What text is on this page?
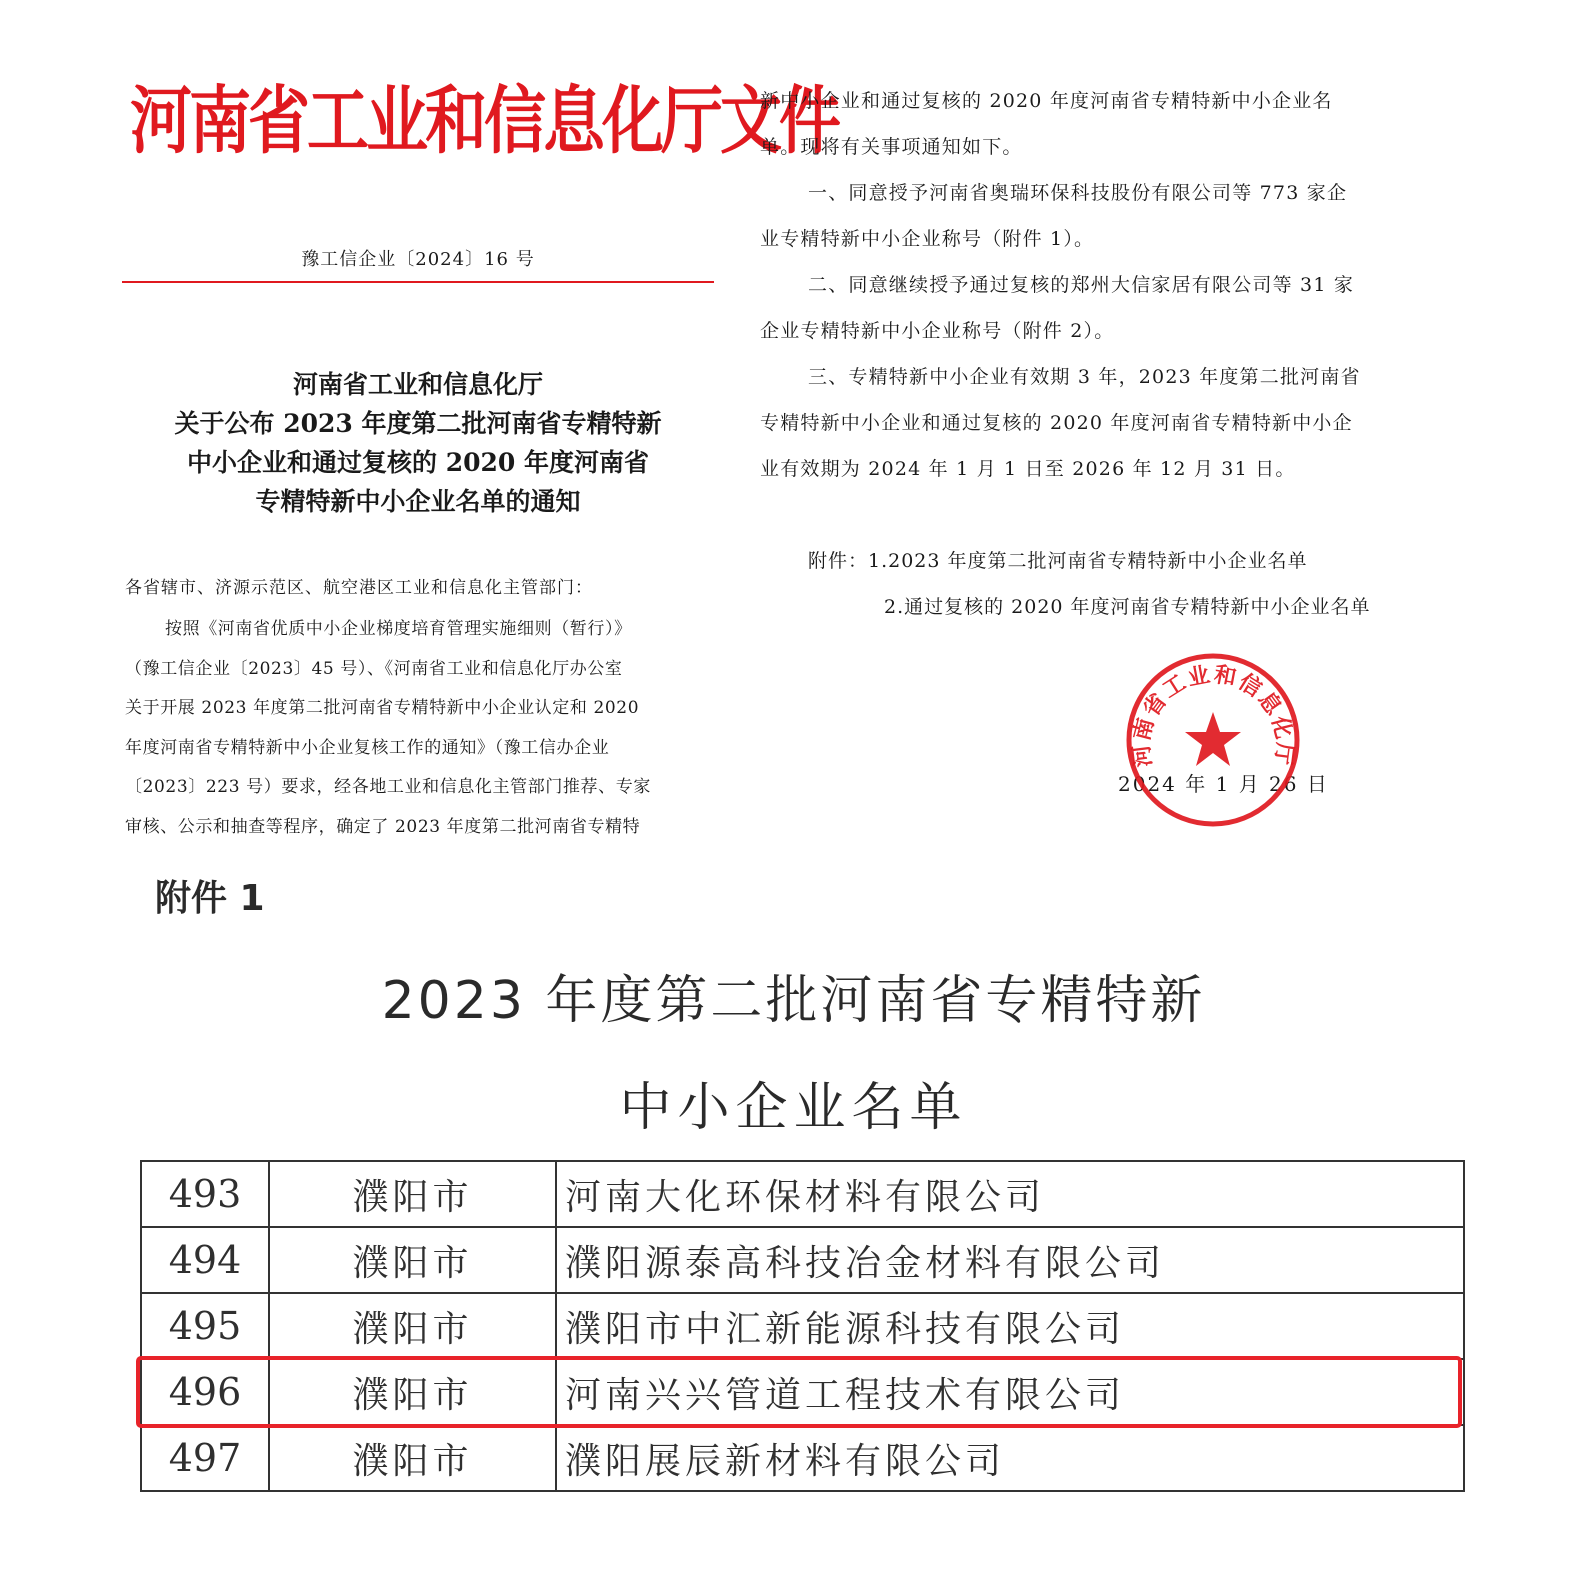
河南省工业和信息化厅文件
豫工信企业〔2024〕16 号
河南省工业和信息化厅
关于公布 2023 年度第二批河南省专精特新
中小企业和通过复核的 2020 年度河南省
专精特新中小企业名单的通知
各省辖市、济源示范区、航空港区工业和信息化主管部门：
按照《河南省优质中小企业梯度培育管理实施细则（暂行）》
（豫工信企业〔2023〕45 号）、《河南省工业和信息化厅办公室
关于开展 2023 年度第二批河南省专精特新中小企业认定和 2020
年度河南省专精特新中小企业复核工作的通知》（豫工信办企业
〔2023〕223 号）要求，经各地工业和信息化主管部门推荐、专家
审核、公示和抽查等程序，确定了 2023 年度第二批河南省专精特
新中小企业和通过复核的 2020 年度河南省专精特新中小企业名
单。现将有关事项通知如下。
一、同意授予河南省奥瑞环保科技股份有限公司等 773 家企
业专精特新中小企业称号（附件 1）。
二、同意继续授予通过复核的郑州大信家居有限公司等 31 家
企业专精特新中小企业称号（附件 2）。
三、专精特新中小企业有效期 3 年，2023 年度第二批河南省
专精特新中小企业和通过复核的 2020 年度河南省专精特新中小企
业有效期为 2024 年 1 月 1 日至 2026 年 12 月 31 日。
附件：1.2023 年度第二批河南省专精特新中小企业名单
2.通过复核的 2020 年度河南省专精特新中小企业名单
2024 年 1 月 26 日
河南省工业和信息化厅
附件 1
2023 年度第二批河南省专精特新
中小企业名单
493	濮阳市	河南大化环保材料有限公司
494	濮阳市	濮阳源泰高科技冶金材料有限公司
495	濮阳市	濮阳市中汇新能源科技有限公司
496	濮阳市	河南兴兴管道工程技术有限公司
497	濮阳市	濮阳展辰新材料有限公司
